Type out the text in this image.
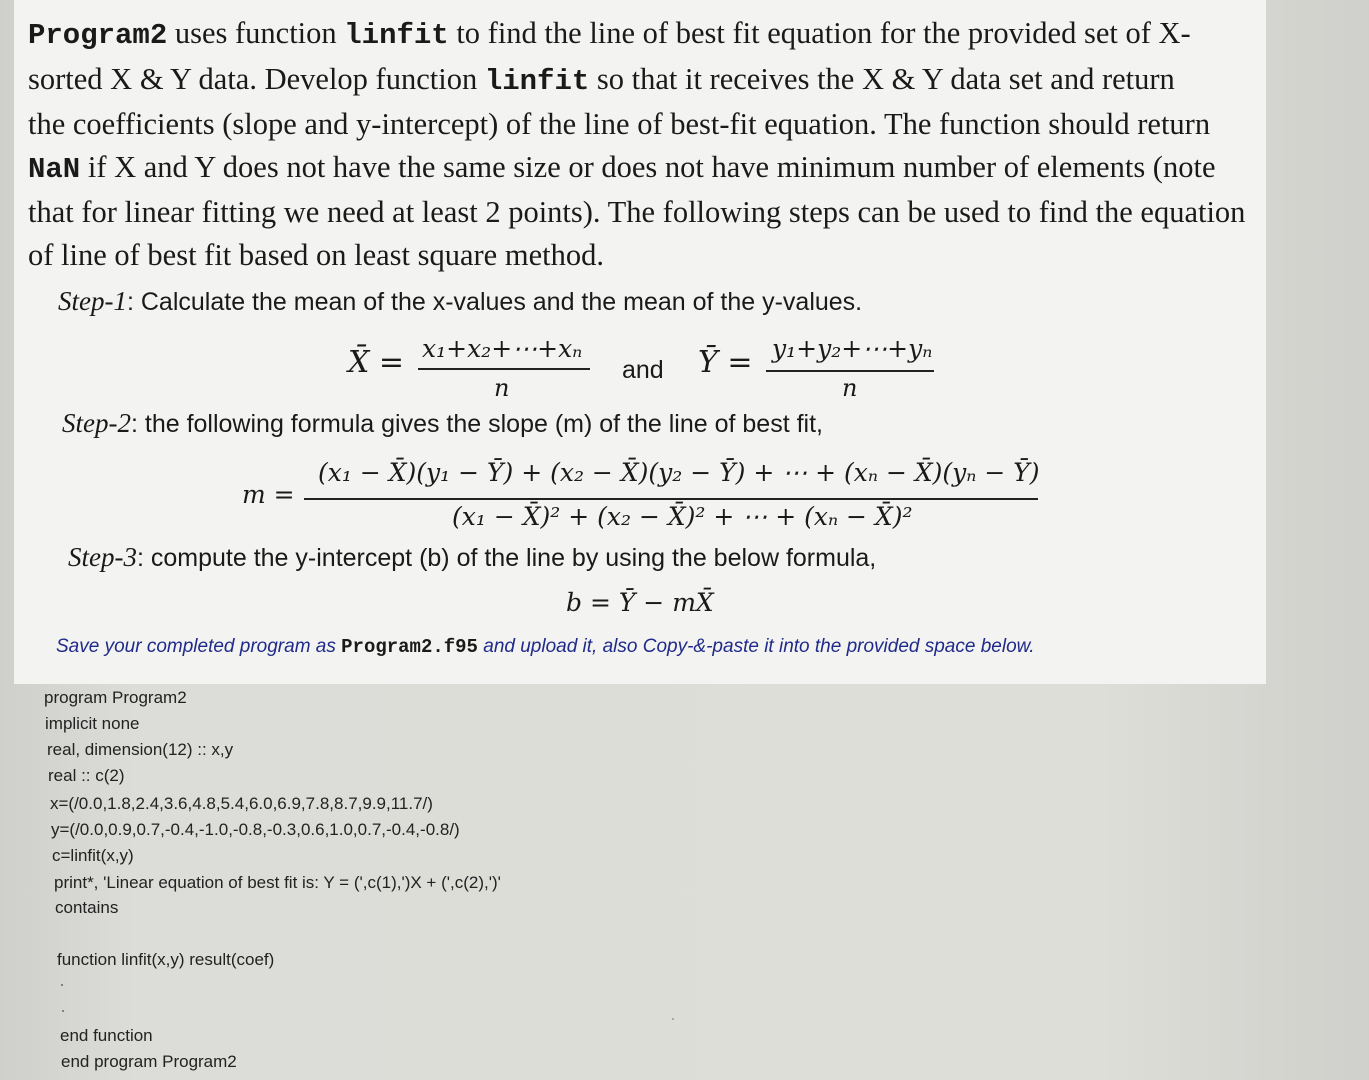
Program2 uses function linfit to find the line of best fit equation for the provided set of X-
sorted X & Y data. Develop function linfit so that it receives the X & Y data set and return
the coefficients (slope and y-intercept) of the line of best-fit equation. The function should return
NaN if X and Y does not have the same size or does not have minimum number of elements (note
that for linear fitting we need at least 2 points). The following steps can be used to find the equation
of line of best fit based on least square method.
Step-1: Calculate the mean of the x-values and the mean of the y-values.
X̄ = x₁+x₂+⋯+xₙ
n
and Ȳ = y₁+y₂+⋯+yₙ
n
Step-2: the following formula gives the slope (m) of the line of best fit,
m =
(x₁ − X̄)(y₁ − Ȳ) + (x₂ − X̄)(y₂ − Ȳ) + ⋯ + (xₙ − X̄)(yₙ − Ȳ)
(x₁ − X̄)² + (x₂ − X̄)² + ⋯ + (xₙ − X̄)²
Step-3: compute the y-intercept (b) of the line by using the below formula,
b = Ȳ − mX̄
Save your completed program as Program2.f95 and upload it, also Copy-&-paste it into the provided space below.
program Program2
implicit none
real, dimension(12) :: x,y
real :: c(2)
x=(/0.0,1.8,2.4,3.6,4.8,5.4,6.0,6.9,7.8,8.7,9.9,11.7/)
y=(/0.0,0.9,0.7,-0.4,-1.0,-0.8,-0.3,0.6,1.0,0.7,-0.4,-0.8/)
c=linfit(x,y)
print*, 'Linear equation of best fit is: Y = (',c(1),')X + (',c(2),')'
contains
function linfit(x,y) result(coef)
end function
end program Program2
